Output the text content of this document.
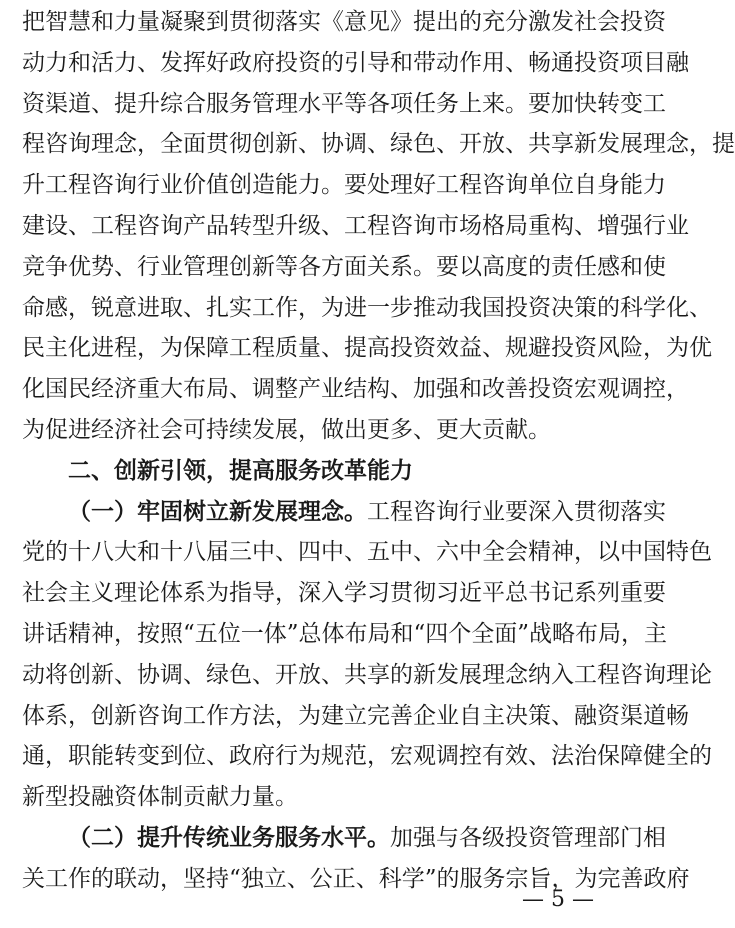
把智慧和力量凝聚到贯彻落实《意见》提出的充分激发社会投资
动力和活力、发挥好政府投资的引导和带动作用、畅通投资项目融
资渠道、提升综合服务管理水平等各项任务上来。要加快转变工
程咨询理念，全面贯彻创新、协调、绿色、开放、共享新发展理念，提
升工程咨询行业价值创造能力。要处理好工程咨询单位自身能力
建设、工程咨询产品转型升级、工程咨询市场格局重构、增强行业
竞争优势、行业管理创新等各方面关系。要以高度的责任感和使
命感，锐意进取、扎实工作，为进一步推动我国投资决策的科学化、
民主化进程，为保障工程质量、提高投资效益、规避投资风险，为优
化国民经济重大布局、调整产业结构、加强和改善投资宏观调控，
为促进经济社会可持续发展，做出更多、更大贡献。
二、创新引领，提高服务改革能力
（一）牢固树立新发展理念。工程咨询行业要深入贯彻落实
党的十八大和十八届三中、四中、五中、六中全会精神，以中国特色
社会主义理论体系为指导，深入学习贯彻习近平总书记系列重要
讲话精神，按照“五位一体”总体布局和“四个全面”战略布局，主
动将创新、协调、绿色、开放、共享的新发展理念纳入工程咨询理论
体系，创新咨询工作方法，为建立完善企业自主决策、融资渠道畅
通，职能转变到位、政府行为规范，宏观调控有效、法治保障健全的
新型投融资体制贡献力量。
（二）提升传统业务服务水平。加强与各级投资管理部门相
关工作的联动，坚持“独立、公正、科学”的服务宗旨，为完善政府
— 5 —
